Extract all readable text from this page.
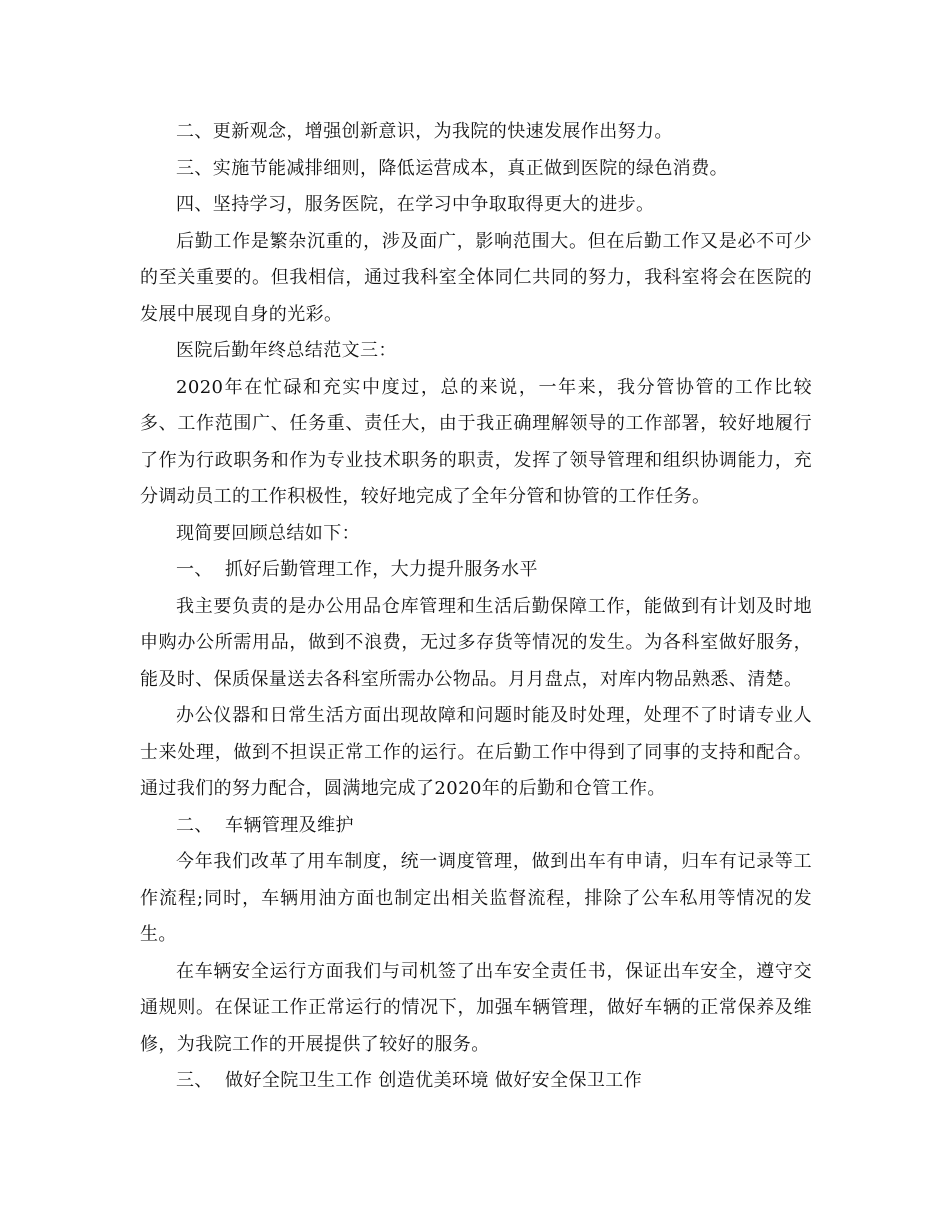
二、更新观念，增强创新意识，为我院的快速发展作出努力。

三、实施节能减排细则，降低运营成本，真正做到医院的绿色消费。

四、坚持学习，服务医院，在学习中争取取得更大的进步。

后勤工作是繁杂沉重的，涉及面广，影响范围大。但在后勤工作又是必不可少的至关重要的。但我相信，通过我科室全体同仁共同的努力，我科室将会在医院的发展中展现自身的光彩。

医院后勤年终总结范文三：

2020年在忙碌和充实中度过，总的来说，一年来，我分管协管的工作比较多、工作范围广、任务重、责任大，由于我正确理解领导的工作部署，较好地履行了作为行政职务和作为专业技术职务的职责，发挥了领导管理和组织协调能力，充分调动员工的工作积极性，较好地完成了全年分管和协管的工作任务。

现简要回顾总结如下：

一、  抓好后勤管理工作，大力提升服务水平

我主要负责的是办公用品仓库管理和生活后勤保障工作，能做到有计划及时地申购办公所需用品，做到不浪费，无过多存货等情况的发生。为各科室做好服务，能及时、保质保量送去各科室所需办公物品。月月盘点，对库内物品熟悉、清楚。

办公仪器和日常生活方面出现故障和问题时能及时处理，处理不了时请专业人士来处理，做到不担误正常工作的运行。在后勤工作中得到了同事的支持和配合。通过我们的努力配合，圆满地完成了2020年的后勤和仓管工作。

二、  车辆管理及维护

今年我们改革了用车制度，统一调度管理，做到出车有申请，归车有记录等工作流程;同时，车辆用油方面也制定出相关监督流程，排除了公车私用等情况的发生。

在车辆安全运行方面我们与司机签了出车安全责任书，保证出车安全，遵守交通规则。在保证工作正常运行的情况下，加强车辆管理，做好车辆的正常保养及维修，为我院工作的开展提供了较好的服务。

三、  做好全院卫生工作 创造优美环境 做好安全保卫工作
